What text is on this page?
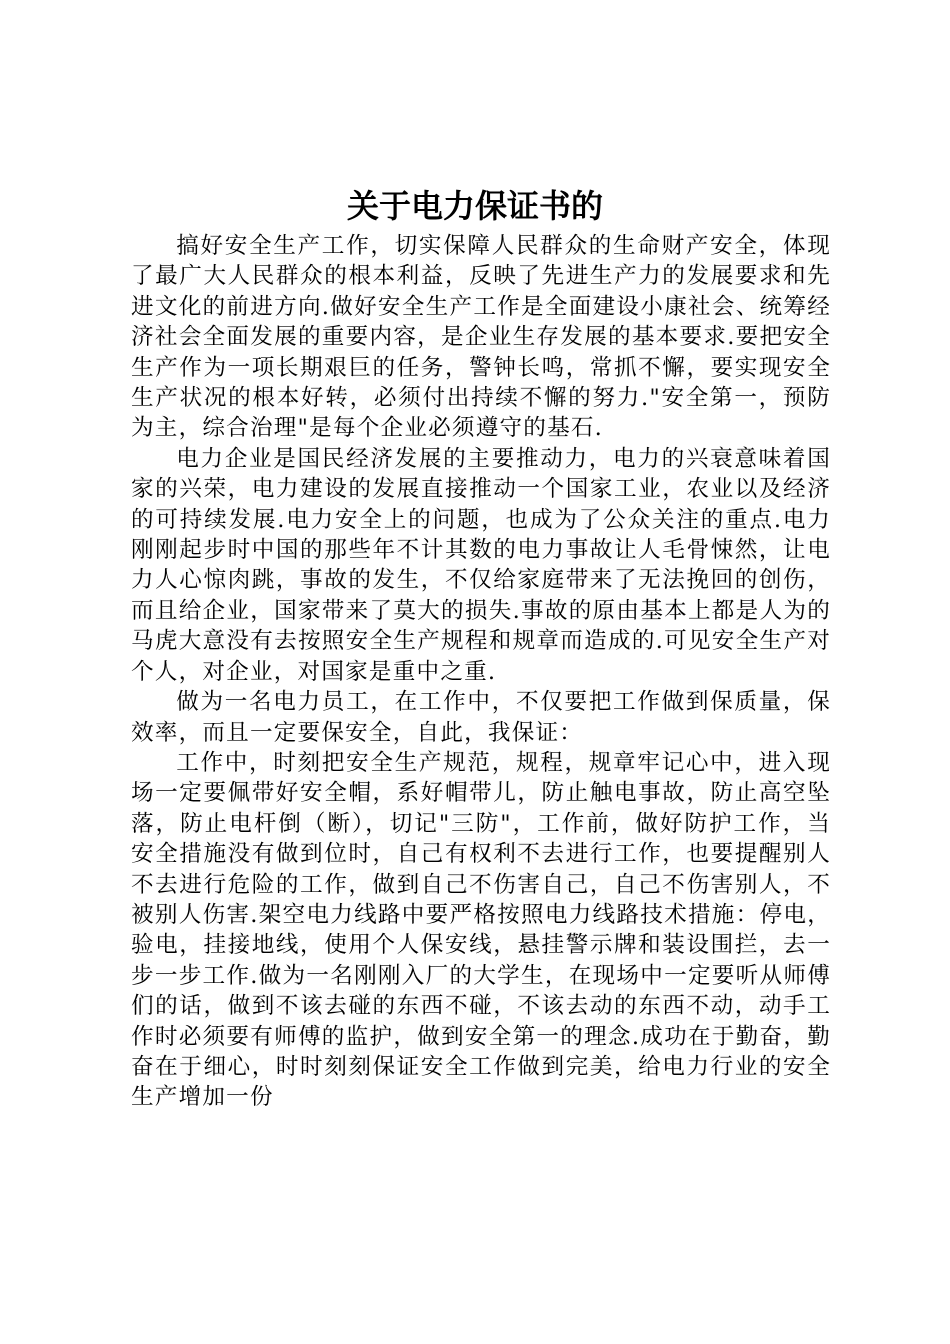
关于电力保证书的

搞好安全生产工作，切实保障人民群众的生命财产安全，体现了最广大人民群众的根本利益，反映了先进生产力的发展要求和先进文化的前进方向.做好安全生产工作是全面建设小康社会、统筹经济社会全面发展的重要内容，是企业生存发展的基本要求.要把安全生产作为一项长期艰巨的任务，警钟长鸣，常抓不懈，要实现安全生产状况的根本好转，必须付出持续不懈的努力."安全第一，预防为主，综合治理"是每个企业必须遵守的基石.

电力企业是国民经济发展的主要推动力，电力的兴衰意味着国家的兴荣，电力建设的发展直接推动一个国家工业，农业以及经济的可持续发展.电力安全上的问题，也成为了公众关注的重点.电力刚刚起步时中国的那些年不计其数的电力事故让人毛骨悚然，让电力人心惊肉跳，事故的发生，不仅给家庭带来了无法挽回的创伤，而且给企业，国家带来了莫大的损失.事故的原由基本上都是人为的马虎大意没有去按照安全生产规程和规章而造成的.可见安全生产对个人，对企业，对国家是重中之重.

做为一名电力员工，在工作中，不仅要把工作做到保质量，保效率，而且一定要保安全，自此，我保证：

工作中，时刻把安全生产规范，规程，规章牢记心中，进入现场一定要佩带好安全帽，系好帽带儿，防止触电事故，防止高空坠落，防止电杆倒（断），切记"三防"，工作前，做好防护工作，当安全措施没有做到位时，自己有权利不去进行工作，也要提醒别人不去进行危险的工作，做到自己不伤害自己，自己不伤害别人，不被别人伤害.架空电力线路中要严格按照电力线路技术措施：停电，验电，挂接地线，使用个人保安线，悬挂警示牌和装设围拦，去一步一步工作.做为一名刚刚入厂的大学生，在现场中一定要听从师傅们的话，做到不该去碰的东西不碰，不该去动的东西不动，动手工作时必须要有师傅的监护，做到安全第一的理念.成功在于勤奋，勤奋在于细心，时时刻刻保证安全工作做到完美，给电力行业的安全生产增加一份
